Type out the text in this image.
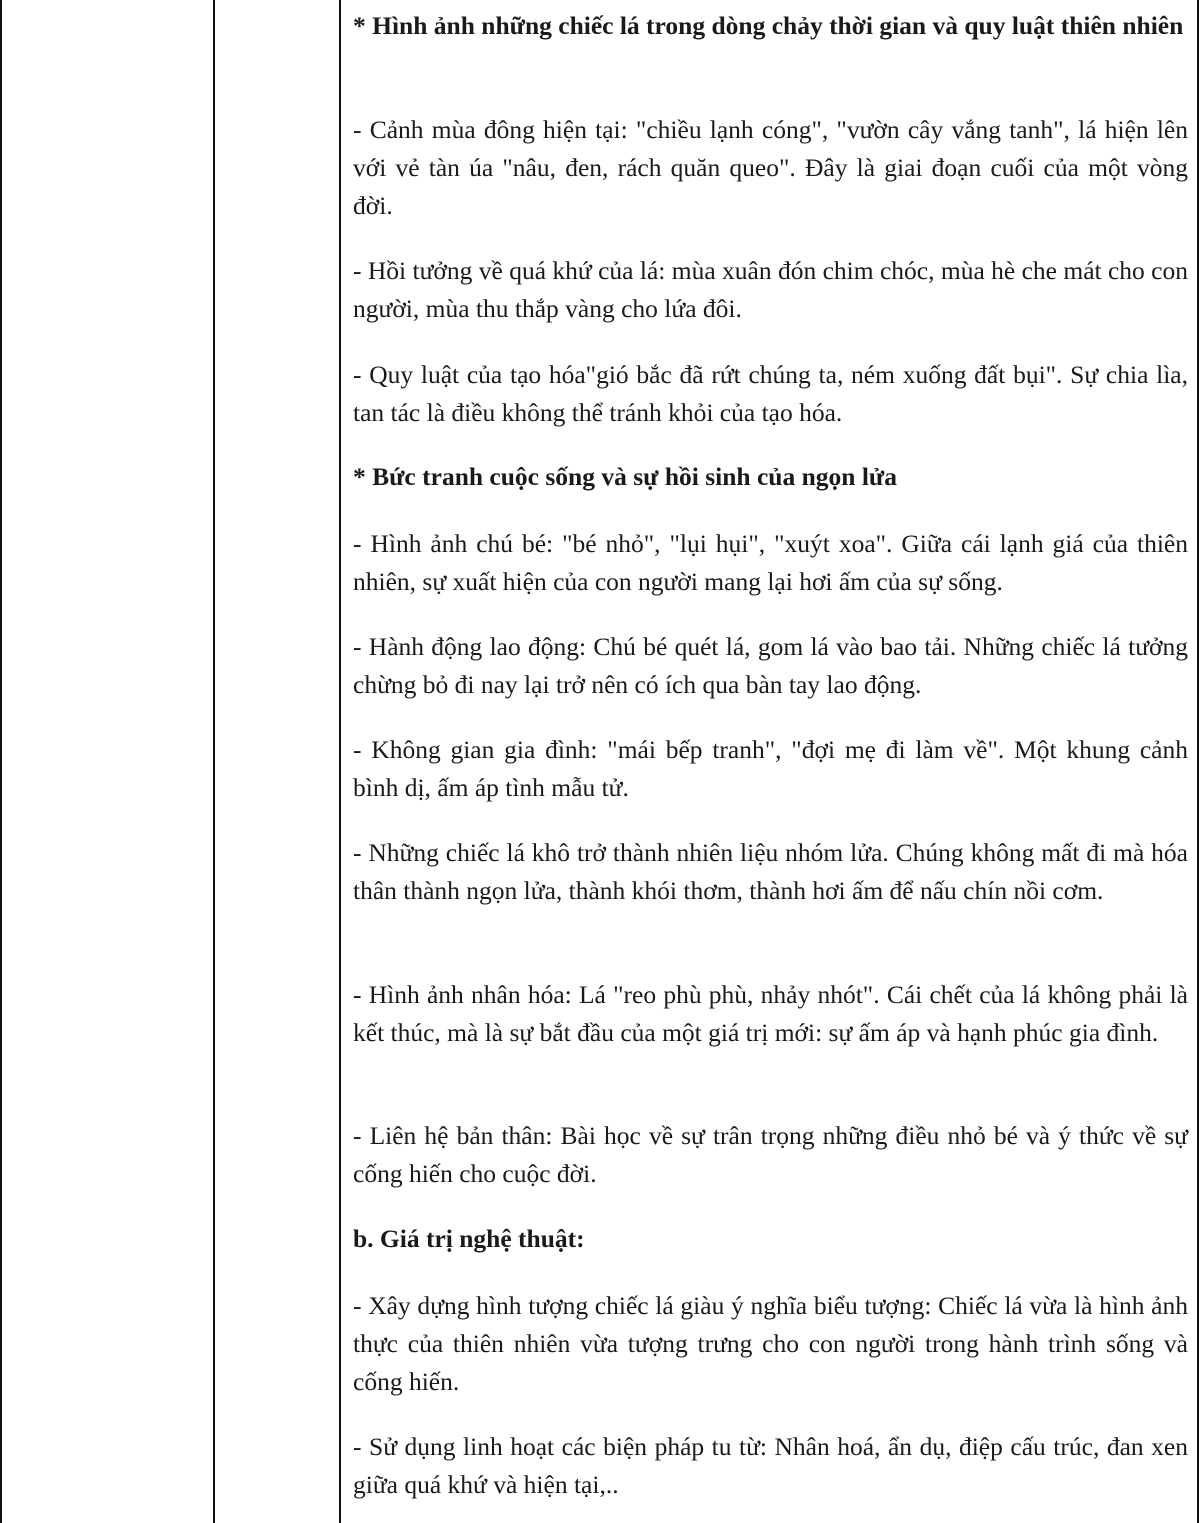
* Hình ảnh những chiếc lá trong dòng chảy thời gian và quy luật thiên nhiên

- Cảnh mùa đông hiện tại: "chiều lạnh cóng", "vườn cây vắng tanh", lá hiện lên với vẻ tàn úa "nâu, đen, rách quăn queo". Đây là giai đoạn cuối của một vòng đời.

- Hồi tưởng về quá khứ của lá: mùa xuân đón chim chóc, mùa hè che mát cho con người, mùa thu thắp vàng cho lứa đôi.

- Quy luật của tạo hóa"gió bắc đã rứt chúng ta, ném xuống đất bụi". Sự chia lìa, tan tác là điều không thể tránh khỏi của tạo hóa.

* Bức tranh cuộc sống và sự hồi sinh của ngọn lửa

- Hình ảnh chú bé: "bé nhỏ", "lụi hụi", "xuýt xoa". Giữa cái lạnh giá của thiên nhiên, sự xuất hiện của con người mang lại hơi ấm của sự sống.

- Hành động lao động: Chú bé quét lá, gom lá vào bao tải. Những chiếc lá tưởng chừng bỏ đi nay lại trở nên có ích qua bàn tay lao động.

- Không gian gia đình: "mái bếp tranh", "đợi mẹ đi làm về". Một khung cảnh bình dị, ấm áp tình mẫu tử.

- Những chiếc lá khô trở thành nhiên liệu nhóm lửa. Chúng không mất đi mà hóa thân thành ngọn lửa, thành khói thơm, thành hơi ấm để nấu chín nồi cơm.

- Hình ảnh nhân hóa: Lá "reo phù phù, nhảy nhót". Cái chết của lá không phải là kết thúc, mà là sự bắt đầu của một giá trị mới: sự ấm áp và hạnh phúc gia đình.

- Liên hệ bản thân: Bài học về sự trân trọng những điều nhỏ bé và ý thức về sự cống hiến cho cuộc đời.

b. Giá trị nghệ thuật:

- Xây dựng hình tượng chiếc lá giàu ý nghĩa biểu tượng: Chiếc lá vừa là hình ảnh thực của thiên nhiên vừa tượng trưng cho con người trong hành trình sống và cống hiến.

- Sử dụng linh hoạt các biện pháp tu từ: Nhân hoá, ẩn dụ, điệp cấu trúc, đan xen giữa quá khứ và hiện tại,..
